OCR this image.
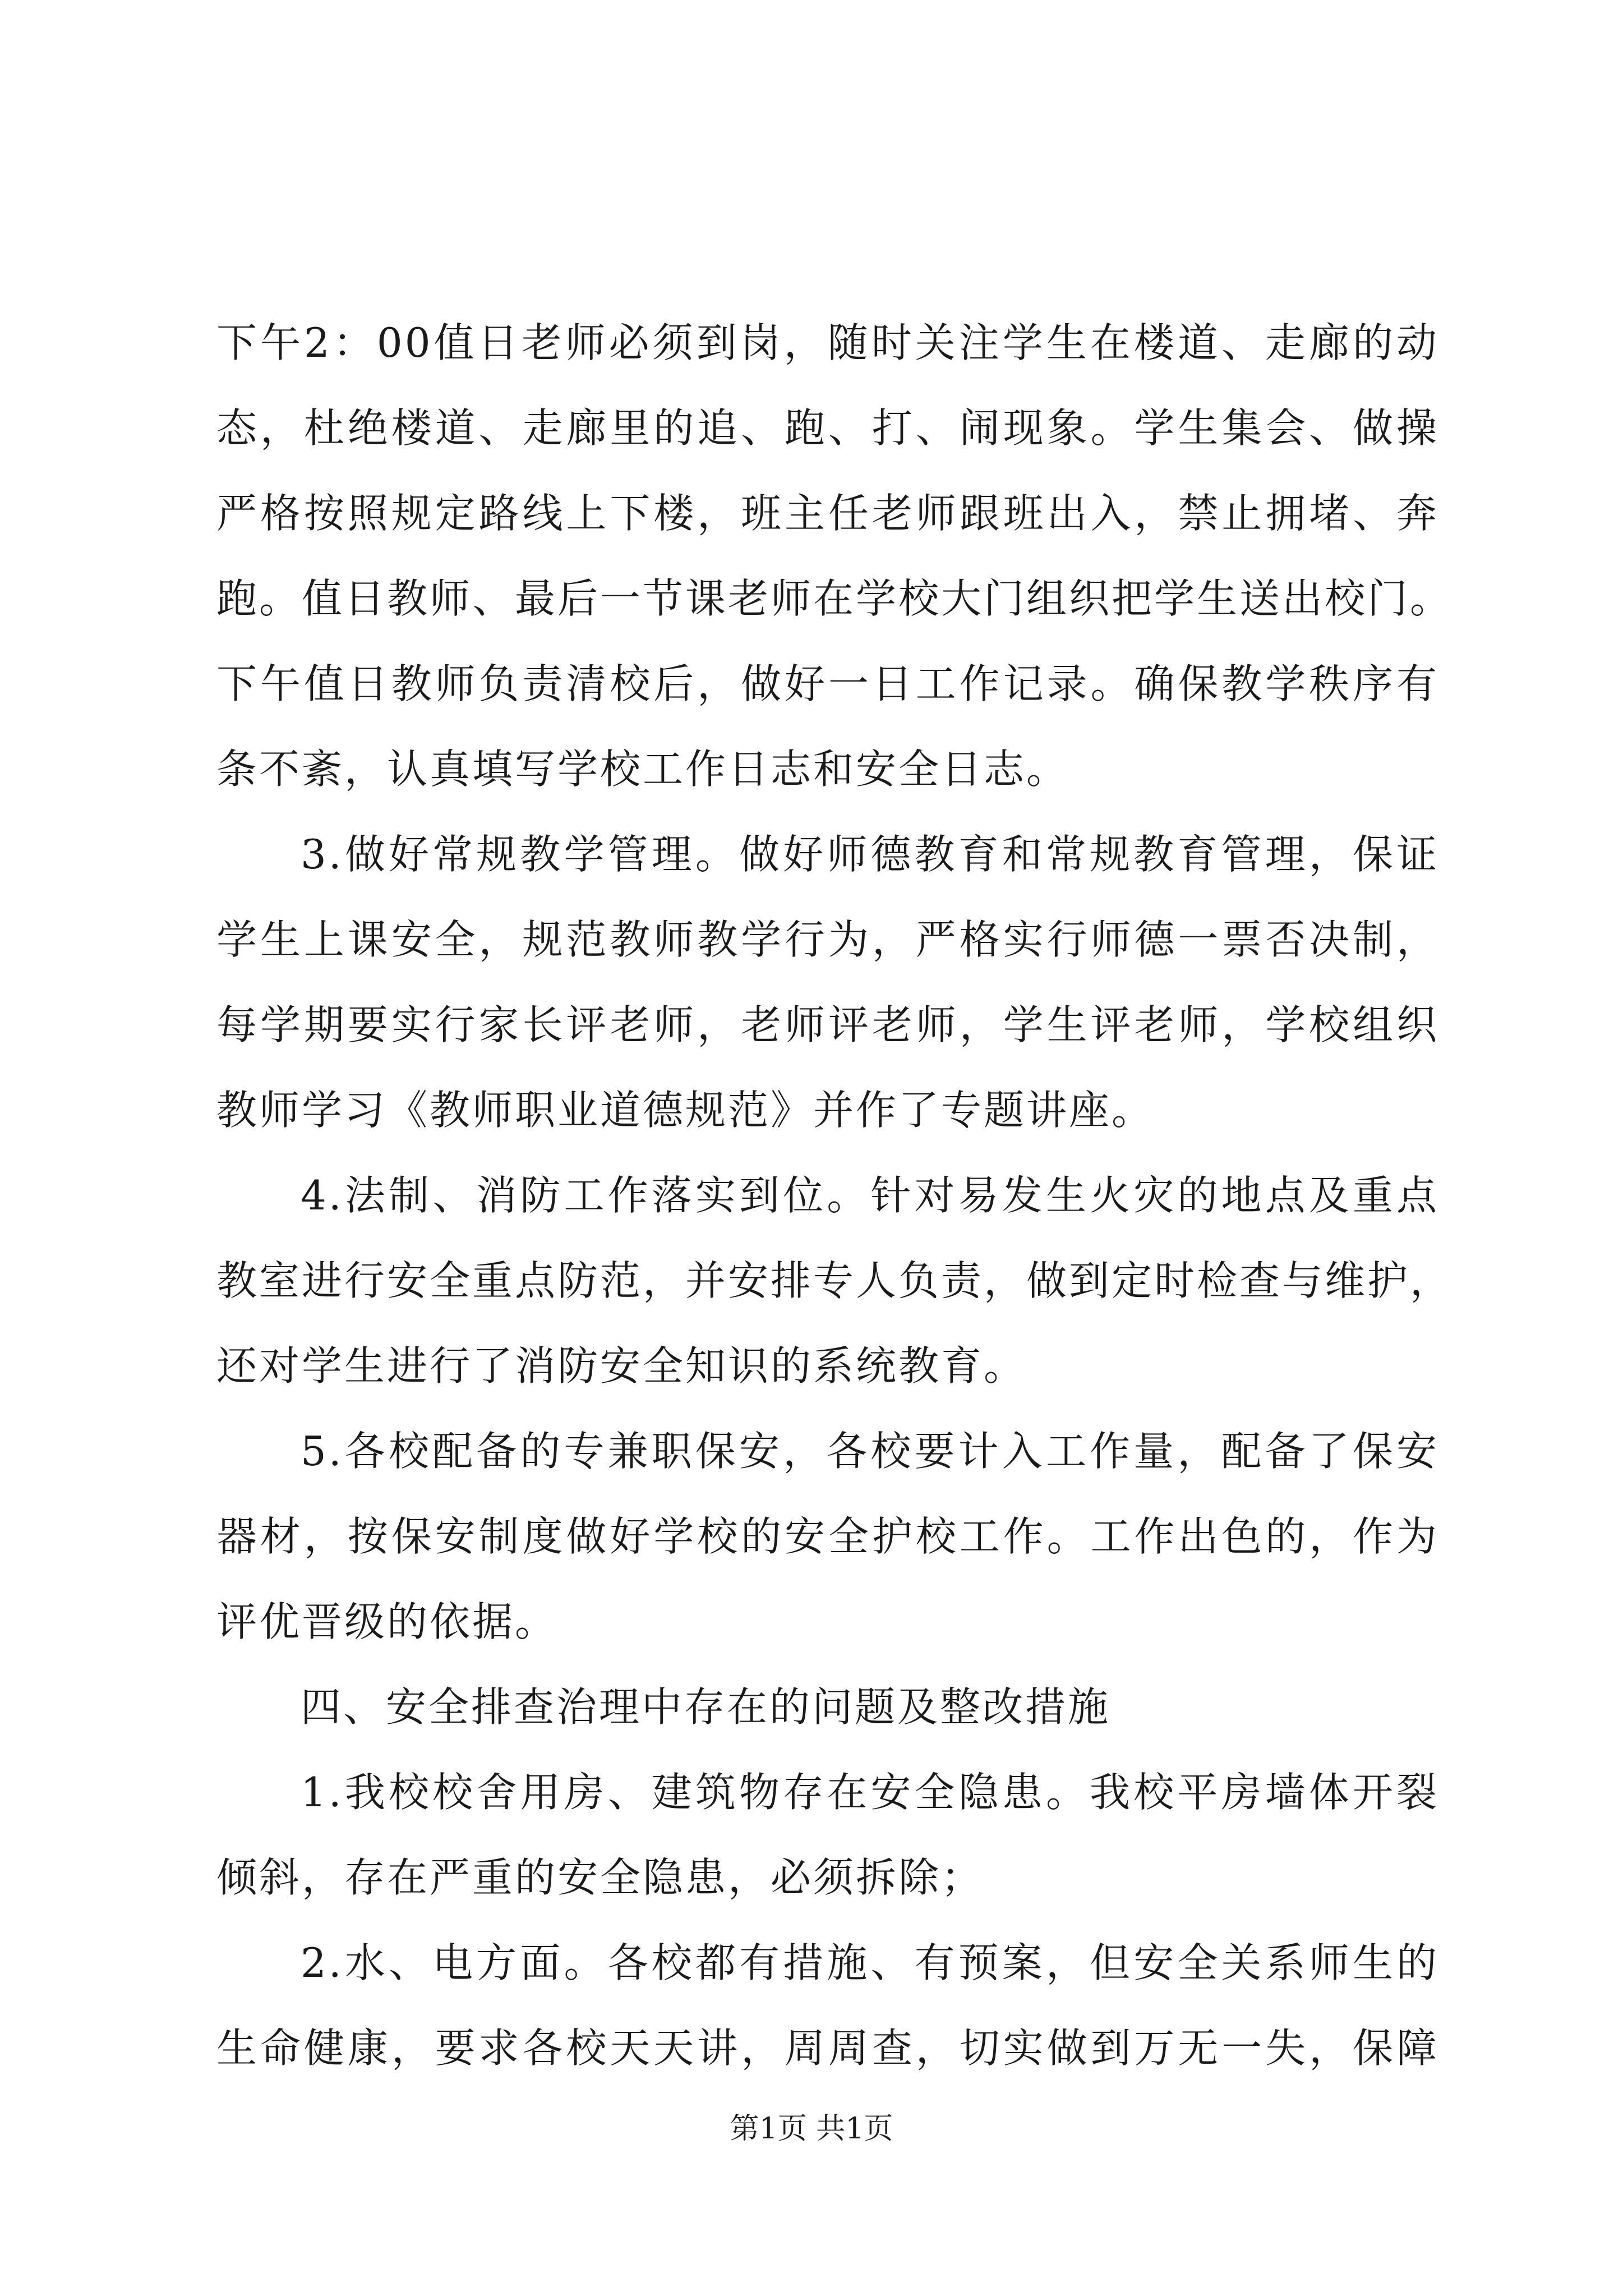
下午2：00值日老师必须到岗，随时关注学生在楼道、走廊的动
态，杜绝楼道、走廊里的追、跑、打、闹现象。学生集会、做操
严格按照规定路线上下楼，班主任老师跟班出入，禁止拥堵、奔
跑。值日教师、最后一节课老师在学校大门组织把学生送出校门。
下午值日教师负责清校后，做好一日工作记录。确保教学秩序有
条不紊，认真填写学校工作日志和安全日志。
3.做好常规教学管理。做好师德教育和常规教育管理，保证
学生上课安全，规范教师教学行为，严格实行师德一票否决制，
每学期要实行家长评老师，老师评老师，学生评老师，学校组织
教师学习《教师职业道德规范》并作了专题讲座。
4.法制、消防工作落实到位。针对易发生火灾的地点及重点
教室进行安全重点防范，并安排专人负责，做到定时检查与维护，
还对学生进行了消防安全知识的系统教育。
5.各校配备的专兼职保安，各校要计入工作量，配备了保安
器材，按保安制度做好学校的安全护校工作。工作出色的，作为
评优晋级的依据。
四、安全排查治理中存在的问题及整改措施
1.我校校舍用房、建筑物存在安全隐患。我校平房墙体开裂
倾斜，存在严重的安全隐患，必须拆除；
2.水、电方面。各校都有措施、有预案，但安全关系师生的
生命健康，要求各校天天讲，周周查，切实做到万无一失，保障
第1页 共1页
